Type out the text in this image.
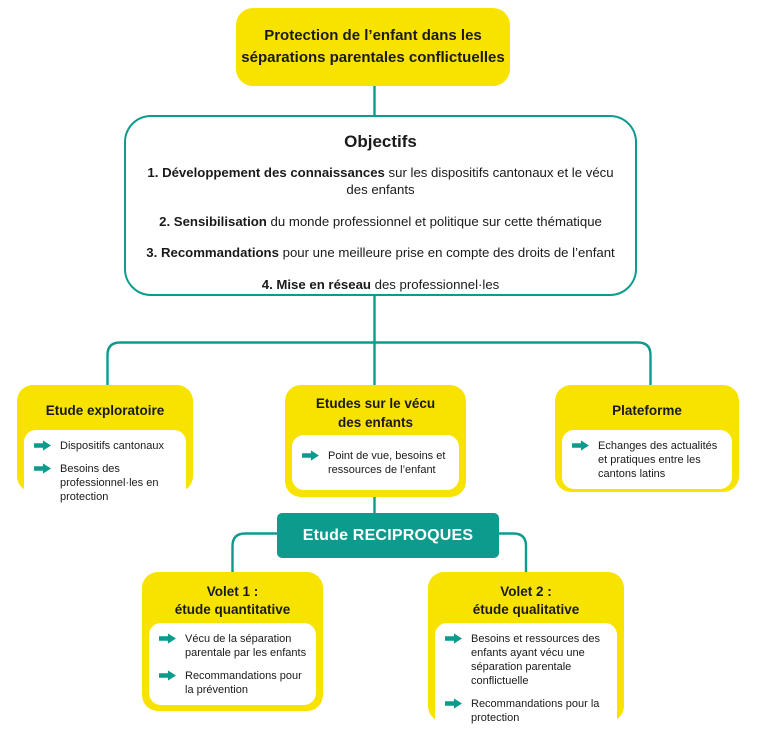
Protection de l’enfant dans les
séparations parentales conflictuelles
Objectifs
1. Développement des connaissances sur les dispositifs cantonaux et le vécu des enfants
2. Sensibilisation du monde professionnel et politique sur cette thématique
3. Recommandations pour une meilleure prise en compte des droits de l’enfant
4. Mise en réseau des professionnel·les
Etude exploratoire
Dispositifs cantonaux
Besoins des professionnel·les en protection
Etudes sur le vécu
des enfants
Point de vue, besoins et ressources de l’enfant
Plateforme
Echanges des actualités et pratiques entre les cantons latins
Etude RECIPROQUES
Volet 1 :
étude quantitative
Vécu de la séparation parentale par les enfants
Recommandations pour la prévention
Volet 2 :
étude qualitative
Besoins et ressources des enfants ayant vécu une séparation parentale conflictuelle
Recommandations pour la protection
